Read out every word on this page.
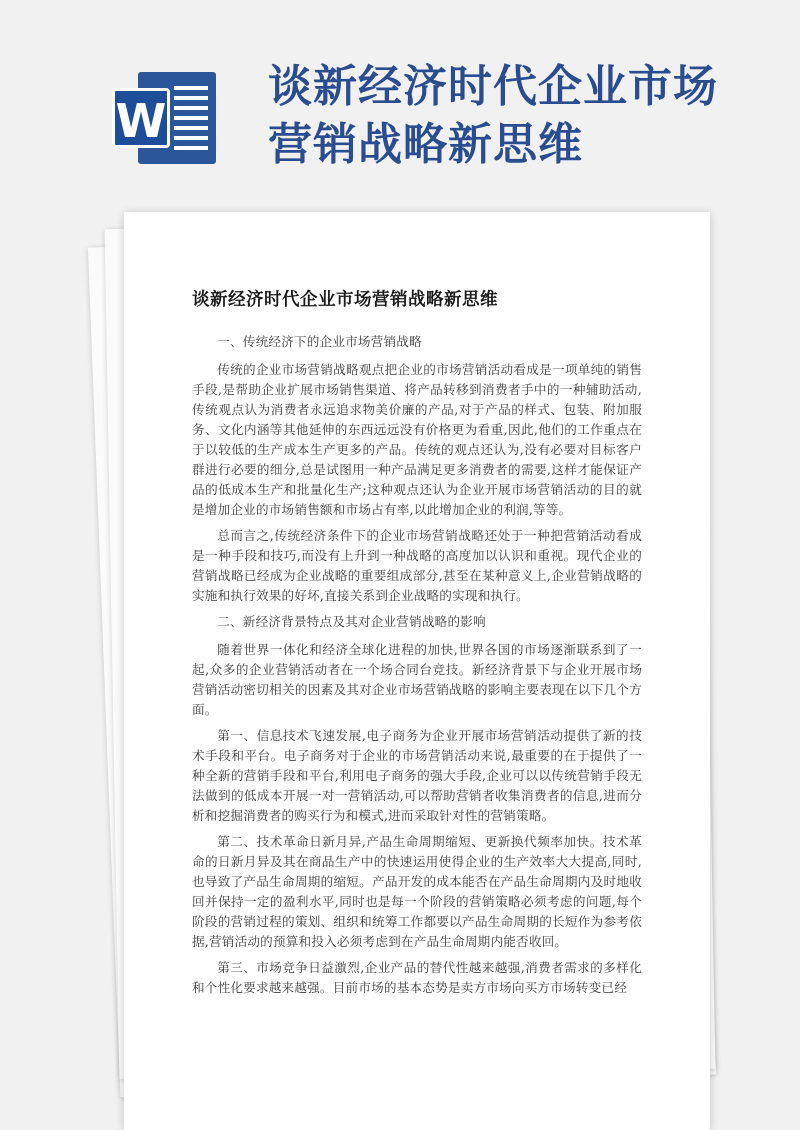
W
谈新经济时代企业市场营销战略新思维
谈新经济时代企业市场营销战略新思维

一、传统经济下的企业市场营销战略

传统的企业市场营销战略观点把企业的市场营销活动看成是一项单纯的销售手段,是帮助企业扩展市场销售渠道、将产品转移到消费者手中的一种辅助活动,传统观点认为消费者永远追求物美价廉的产品,对于产品的样式、包装、附加服务、文化内涵等其他延伸的东西远远没有价格更为看重,因此,他们的工作重点在于以较低的生产成本生产更多的产品。传统的观点还认为,没有必要对目标客户群进行必要的细分,总是试图用一种产品满足更多消费者的需要,这样才能保证产品的低成本生产和批量化生产;这种观点还认为企业开展市场营销活动的目的就是增加企业的市场销售额和市场占有率,以此增加企业的利润,等等。

总而言之,传统经济条件下的企业市场营销战略还处于一种把营销活动看成是一种手段和技巧,而没有上升到一种战略的高度加以认识和重视。现代企业的营销战略已经成为企业战略的重要组成部分,甚至在某种意义上,企业营销战略的实施和执行效果的好坏,直接关系到企业战略的实现和执行。

二、新经济背景特点及其对企业营销战略的影响

随着世界一体化和经济全球化进程的加快,世界各国的市场逐渐联系到了一起,众多的企业营销活动者在一个场合同台竞技。新经济背景下与企业开展市场营销活动密切相关的因素及其对企业市场营销战略的影响主要表现在以下几个方面。

第一、信息技术飞速发展,电子商务为企业开展市场营销活动提供了新的技术手段和平台。电子商务对于企业的市场营销活动来说,最重要的在于提供了一种全新的营销手段和平台,利用电子商务的强大手段,企业可以以传统营销手段无法做到的低成本开展一对一营销活动,可以帮助营销者收集消费者的信息,进而分析和挖掘消费者的购买行为和模式,进而采取针对性的营销策略。

第二、技术革命日新月异,产品生命周期缩短、更新换代频率加快。技术革命的日新月异及其在商品生产中的快速运用使得企业的生产效率大大提高,同时,也导致了产品生命周期的缩短。产品开发的成本能否在产品生命周期内及时地收回并保持一定的盈利水平,同时也是每一个阶段的营销策略必须考虑的问题,每个阶段的营销过程的策划、组织和统筹工作都要以产品生命周期的长短作为参考依据,营销活动的预算和投入必须考虑到在产品生命周期内能否收回。

第三、市场竞争日益激烈,企业产品的替代性越来越强,消费者需求的多样化和个性化要求越来越强。目前市场的基本态势是卖方市场向买方市场转变已经
